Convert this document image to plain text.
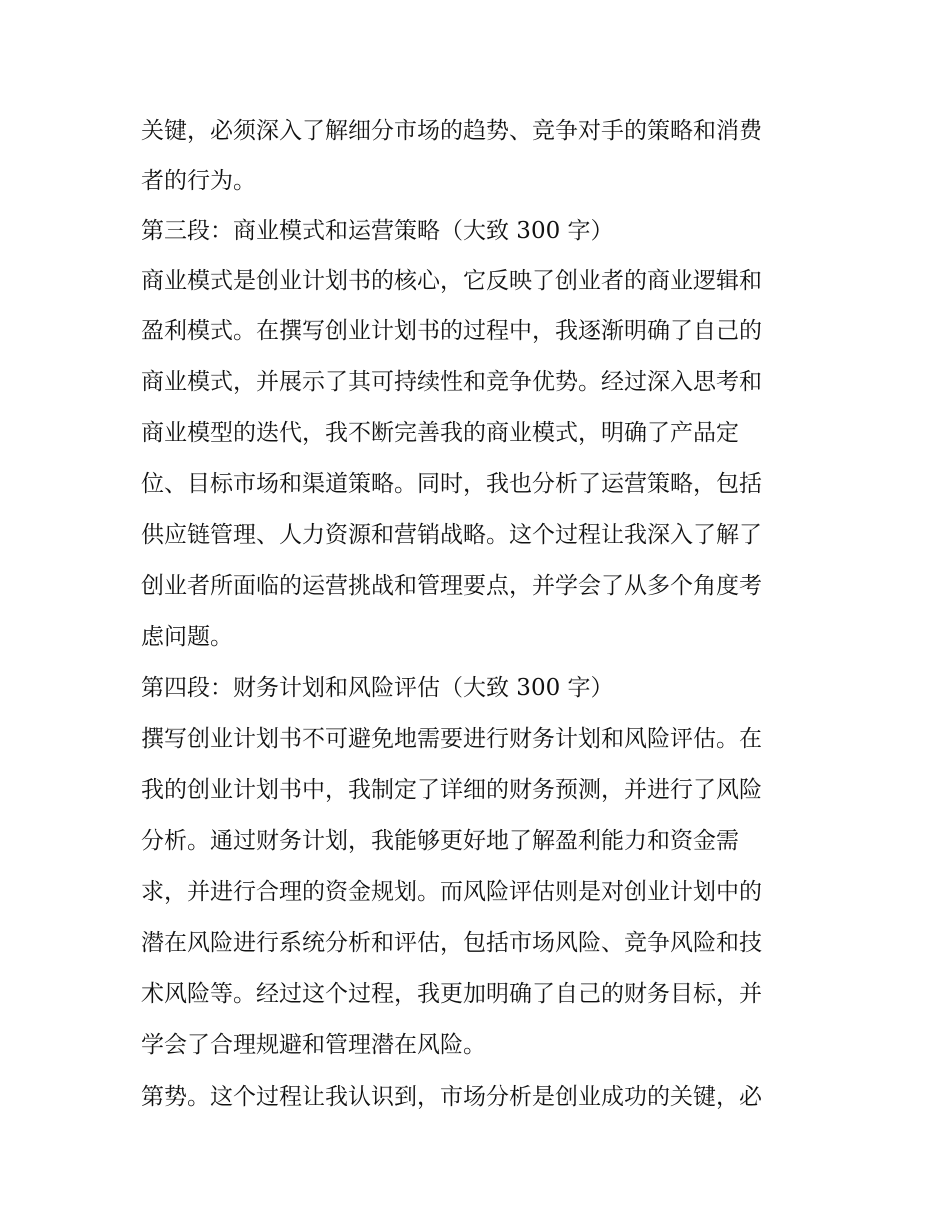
关键，必须深入了解细分市场的趋势、竞争对手的策略和消费

者的行为。

第三段：商业模式和运营策略（大致 300 字）

商业模式是创业计划书的核心，它反映了创业者的商业逻辑和

盈利模式。在撰写创业计划书的过程中，我逐渐明确了自己的

商业模式，并展示了其可持续性和竞争优势。经过深入思考和

商业模型的迭代，我不断完善我的商业模式，明确了产品定

位、目标市场和渠道策略。同时，我也分析了运营策略，包括

供应链管理、人力资源和营销战略。这个过程让我深入了解了

创业者所面临的运营挑战和管理要点，并学会了从多个角度考

虑问题。

第四段：财务计划和风险评估（大致 300 字）

撰写创业计划书不可避免地需要进行财务计划和风险评估。在

我的创业计划书中，我制定了详细的财务预测，并进行了风险

分析。通过财务计划，我能够更好地了解盈利能力和资金需

求，并进行合理的资金规划。而风险评估则是对创业计划中的

潜在风险进行系统分析和评估，包括市场风险、竞争风险和技

术风险等。经过这个过程，我更加明确了自己的财务目标，并

学会了合理规避和管理潜在风险。

第势。这个过程让我认识到，市场分析是创业成功的关键，必
